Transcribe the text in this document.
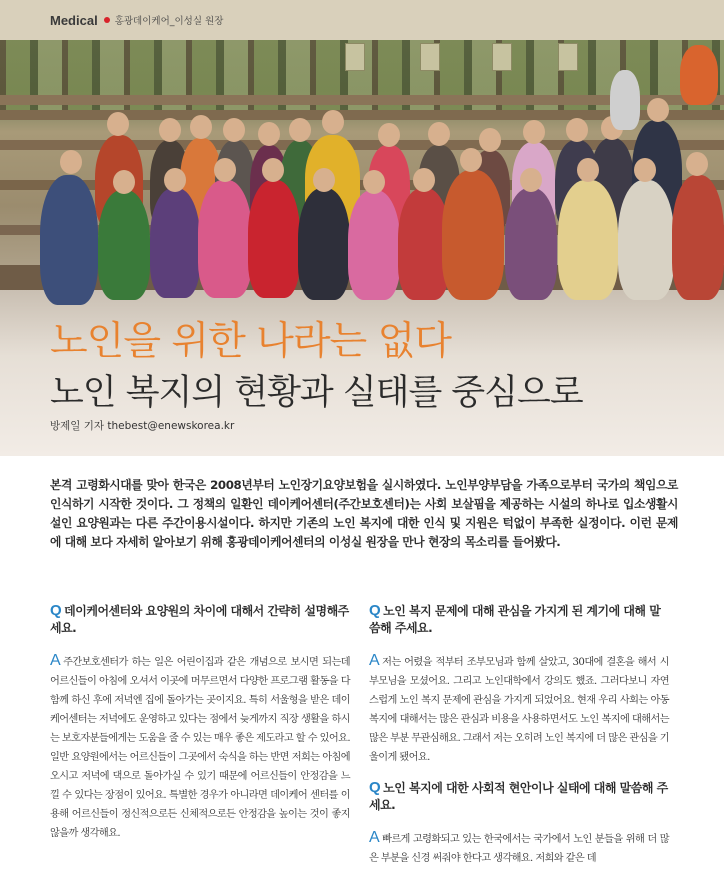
Medical 홍광데이케어_이성실 원장
노인을 위한 나라는 없다
노인 복지의 현황과 실태를 중심으로
방제일 기자 thebest@enewskorea.kr

본격 고령화시대를 맞아 한국은 2008년부터 노인장기요양보험을 실시하였다. 노인부양부담을 가족으로부터 국가의 책임으로 인식하기 시작한 것이다. 그 정책의 일환인 데이케어센터(주간보호센터)는 사회 보살핌을 제공하는 시설의 하나로 입소생활시설인 요양원과는 다른 주간이용시설이다. 하지만 기존의 노인 복지에 대한 인식 및 지원은 턱없이 부족한 실정이다. 이런 문제에 대해 보다 자세히 알아보기 위해 홍광데이케어센터의 이성실 원장을 만나 현장의 목소리를 들어봤다.

Q 데이케어센터와 요양원의 차이에 대해서 간략히 설명해주세요.
A주간보호센터가 하는 일은 어린이집과 같은 개념으로 보시면 되는데 어르신들이 아침에 오셔서 이곳에 머무르면서 다양한 프로그램 활동을 다함께 하신 후에 저녁엔 집에 돌아가는 곳이지요. 특히 서울형을 받은 데이케어센터는 저녁에도 운영하고 있다는 점에서 늦게까지 직장 생활을 하시는 보호자분들에게는 도움을 줄 수 있는 매우 좋은 제도라고 할 수 있어요. 일반 요양원에서는 어르신들이 그곳에서 숙식을 하는 반면 저희는 아침에 오시고 저녁에 댁으로 돌아가실 수 있기 때문에 어르신들이 안정감을 느낄 수 있다는 장점이 있어요. 특별한 경우가 아니라면 데이케어 센터를 이용해 어르신들이 정신적으로든 신체적으로든 안정감을 높이는 것이 좋지 않을까 생각해요.
Q 노인 복지 문제에 대해 관심을 가지게 된 계기에 대해 말씀해 주세요.
A저는 어렸을 적부터 조부모님과 함께 살았고, 30대에 결혼을 해서 시부모님을 모셨어요. 그리고 노인대학에서 강의도 했죠. 그러다보니 자연스럽게 노인 복지 문제에 관심을 가지게 되었어요. 현재 우리 사회는 아동 복지에 대해서는 많은 관심과 비용을 사용하면서도 노인 복지에 대해서는 많은 부분 무관심해요. 그래서 저는 오히려 노인 복지에 더 많은 관심을 기울이게 됐어요.
Q 노인 복지에 대한 사회적 현안이나 실태에 대해 말씀해 주세요.
A빠르게 고령화되고 있는 한국에서는 국가에서 노인 분들을 위해 더 많은 부분을 신경 써줘야 한다고 생각해요. 저희와 같은 데
